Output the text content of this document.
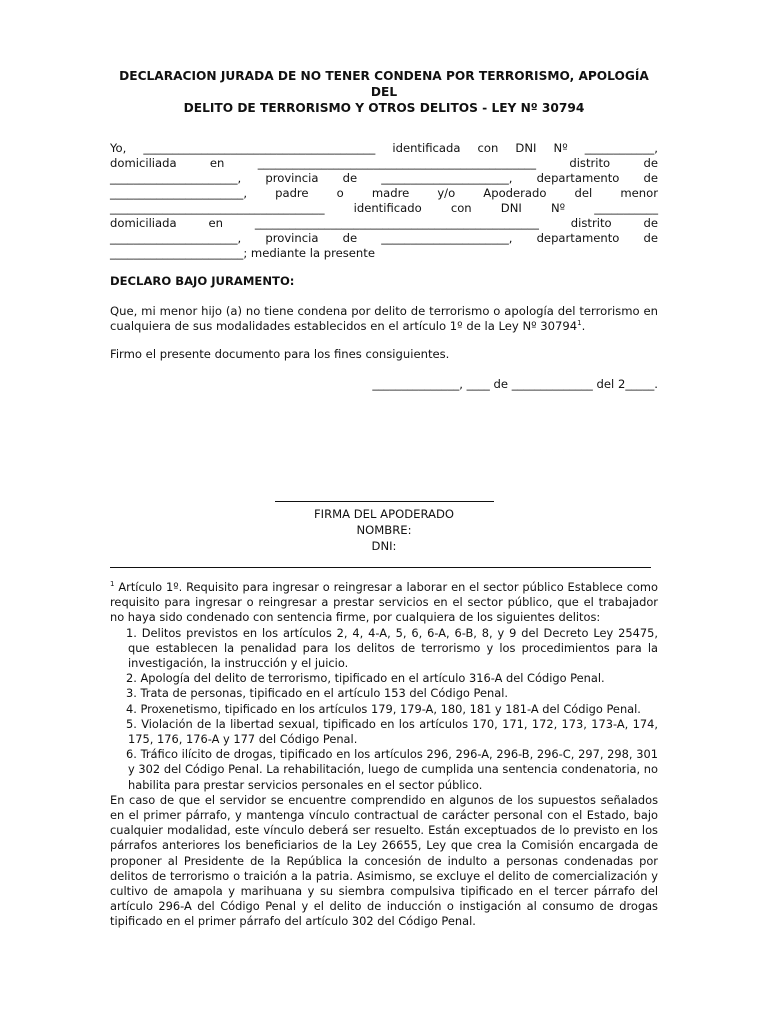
DECLARACION JURADA DE NO TENER CONDENA POR TERRORISMO, APOLOGÍA DEL
DELITO DE TERRORISMO Y OTROS DELITOS - LEY Nº 30794
Yo, ________________________________________ identificada con DNI Nº ____________,
domiciliada en ________________________________________________ distrito de
______________________, provincia de ______________________, departamento de
_______________________, padre o madre y/o Apoderado del menor
_____________________________________ identificado con DNI Nº ___________
domiciliada en _________________________________________________ distrito de
______________________, provincia de ______________________, departamento de
_______________________; mediante la presente
DECLARO BAJO JURAMENTO:
Que, mi menor hijo (a) no tiene condena por delito de terrorismo o apología del terrorismo en
cualquiera de sus modalidades establecidos en el artículo 1º de la Ley Nº 30794$^1$.
Firmo el presente documento para los fines consiguientes.
_______________, ____ de ______________ del 2_____.
FIRMA DEL APODERADO
NOMBRE:
DNI:

$^1$ Artículo 1º. Requisito para ingresar o reingresar a laborar en el sector público Establece como requisito para ingresar o reingresar a prestar servicios en el sector público, que el trabajador no haya sido condenado con sentencia firme, por cualquiera de los siguientes delitos:

1. Delitos previstos en los artículos 2, 4, 4-A, 5, 6, 6-A, 6-B, 8, y 9 del Decreto Ley 25475, que establecen la penalidad para los delitos de terrorismo y los procedimientos para la investigación, la instrucción y el juicio.
2. Apología del delito de terrorismo, tipificado en el artículo 316-A del Código Penal.
3. Trata de personas, tipificado en el artículo 153 del Código Penal.
4. Proxenetismo, tipificado en los artículos 179, 179-A, 180, 181 y 181-A del Código Penal.
5. Violación de la libertad sexual, tipificado en los artículos 170, 171, 172, 173, 173-A, 174, 175, 176, 176-A y 177 del Código Penal.
6. Tráfico ilícito de drogas, tipificado en los artículos 296, 296-A, 296-B, 296-C, 297, 298, 301 y 302 del Código Penal. La rehabilitación, luego de cumplida una sentencia condenatoria, no habilita para prestar servicios personales en el sector público.

En caso de que el servidor se encuentre comprendido en algunos de los supuestos señalados en el primer párrafo, y mantenga vínculo contractual de carácter personal con el Estado, bajo cualquier modalidad, este vínculo deberá ser resuelto. Están exceptuados de lo previsto en los párrafos anteriores los beneficiarios de la Ley 26655, Ley que crea la Comisión encargada de proponer al Presidente de la República la concesión de indulto a personas condenadas por delitos de terrorismo o traición a la patria. Asimismo, se excluye el delito de comercialización y cultivo de amapola y marihuana y su siembra compulsiva tipificado en el tercer párrafo del artículo 296-A del Código Penal y el delito de inducción o instigación al consumo de drogas tipificado en el primer párrafo del artículo 302 del Código Penal.
